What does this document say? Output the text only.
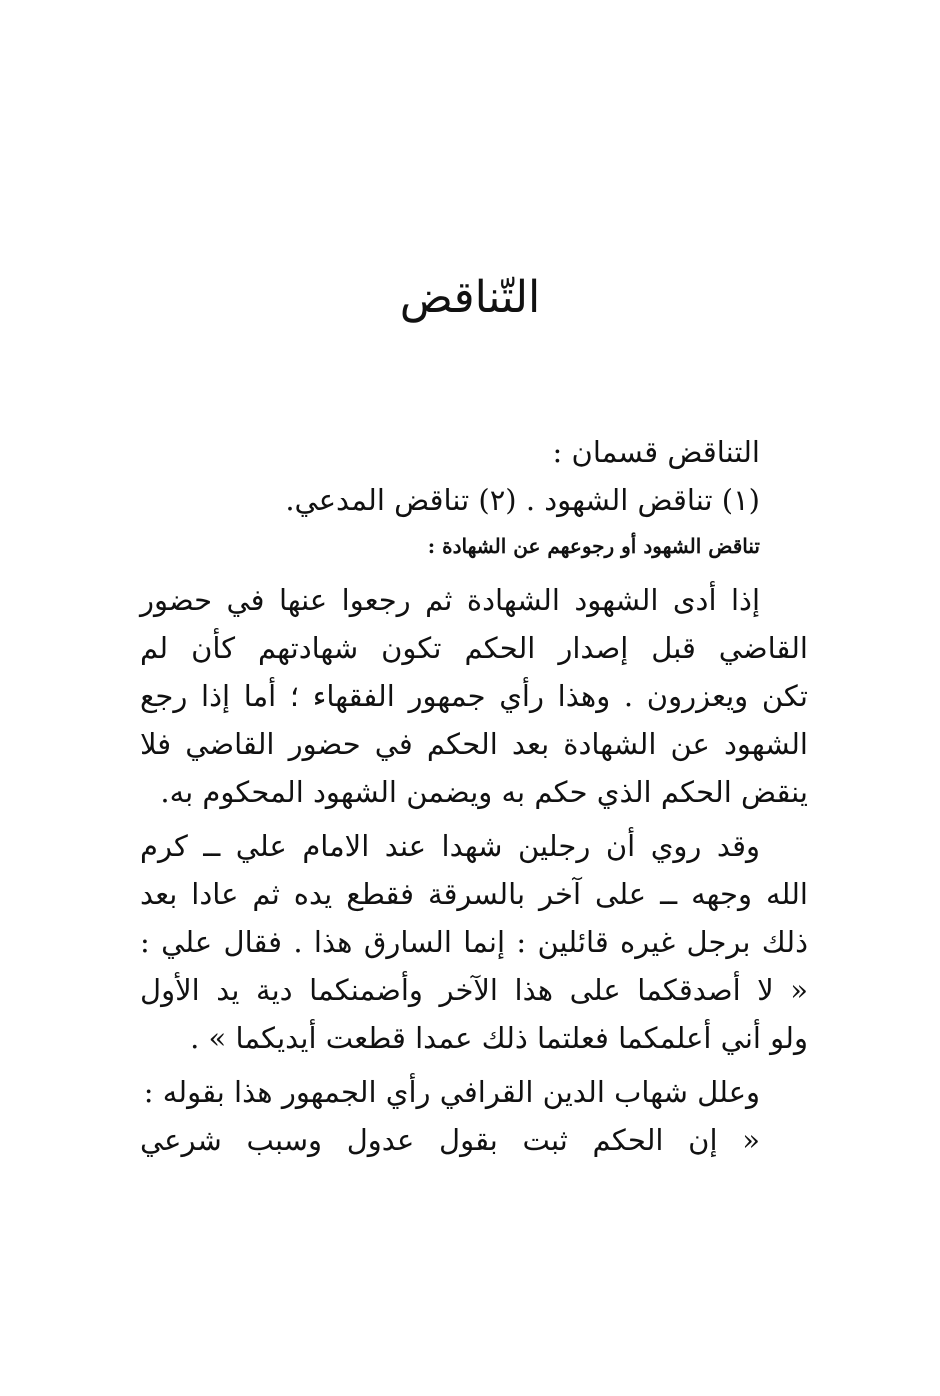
التّناقض

التناقض قسمان :

(١) تناقض الشهود . (٢) تناقض المدعي.

تناقض الشهود أو رجوعهم عن الشهادة :

إذا أدى الشهود الشهادة ثم رجعوا عنها في حضور

القاضي قبل إصدار الحكم تكون شهادتهم كأن لم

تكن ويعزرون . وهذا رأي جمهور الفقهاء ؛ أما إذا رجع

الشهود عن الشهادة بعد الحكم في حضور القاضي فلا

ينقض الحكم الذي حكم به ويضمن الشهود المحكوم به.

وقد روي أن رجلين شهدا عند الامام علي ــ كرم

الله وجهه ــ على آخر بالسرقة فقطع يده ثم عادا بعد

ذلك برجل غيره قائلين : إنما السارق هذا . فقال علي :

« لا أصدقكما على هذا الآخر وأضمنكما دية يد الأول

ولو أني أعلمكما فعلتما ذلك عمدا قطعت أيديكما » .

وعلل شهاب الدين القرافي رأي الجمهور هذا بقوله :

« إن الحكم ثبت بقول عدول وسبب شرعي
